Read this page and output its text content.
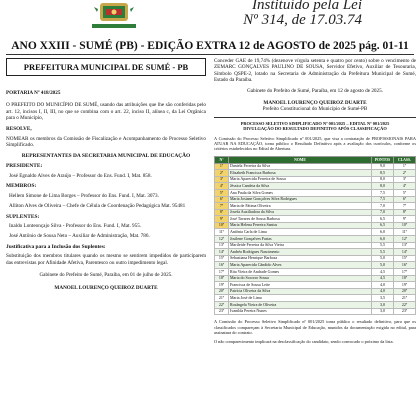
Instituído pela Lei
Nº 314, de 17.03.74
ANO XXIII - SUMÉ (PB) - EDIÇÃO EXTRA 12 de AGOSTO de 2025 pág. 01-11
PREFEITURA MUNICIPAL DE SUMÉ - PB
PORTARIA Nº 418/2025
O PREFEITO DO MUNICÍPIO DE SUMÉ, usando das atribuições que lhe são conferidas pelo art. 12, incisos I, II, III, no que se combina com o art. 22, inciso II, alínea c, da Lei Orgânica para o Município,
RESOLVE,
NOMEAR os membros da Comissão de Fiscalização e Acompanhamento do Processo Seletivo Simplificado.
REPRESENTANTES DA SECRETARIA MUNICIPAL DE EDUCAÇÃO
PRESIDENTE:
José Egnaldo Alves de Araújo – Professor do Ens. Fund. I, Mat. 858.
MEMBROS:
Hellem Simone de Lima Borges – Professor do Ens. Fund. I, Mat. 3073.
Alliton Alves de Oliveira – Chefe de Célula de Coordenação Pedagógica Mat. 95481
SUPLENTES:
Inaldo Lonteonçajo Silva - Professor do Ens. Fund. I, Mat. 955.
José Antônio de Sousa Neto – Auxiliar de Administração, Mat. 786.
Justificativa para a Inclusão dos Suplentes:
Substituição dos membros titulares quando os mesmo se sentirem impedidos de participarem das entrevistas por Afinidade Afetiva, Parentesco ou outro impedimento legal.
Gabinete do Prefeito de Sumé, Paraíba, em 01 de julho de 2025.
MANOEL LOURENÇO QUEIROZ DUARTE
Conceder GAE de 19,74% (dezenove vírgula setenta e quatro por cento) sobre o vencimento de ZEMARC GONÇALVES PAULINO DE SOUSA, Servidor Efetivo, Auxiliar de Tesouraria, Símbolo QSPE-2, lotado na Secretaria de Administração da Prefeitura Municipal de Sumé, Estado da Paraíba.
Gabinete do Prefeito de Sumé, Paraíba, em 12 de agosto de 2025.
MANOEL LOURENÇO QUEIROZ DUARTE
Prefeito Constitucional do Município de Sumé-PB
PROCESSO SELETIVO SIMPLIFICADO Nº 001/2025 – EDITAL Nº 001/2025
DIVULGAÇÃO DO RESULTADO DEFINITIVO APÓS CLASSIFICAÇÃO
A Comissão do Processo Seletivo Simplificado nº 001/2025, que visa a contratação de PROFISSIONAIS PARA ATUAR NA EDUCAÇÃO, torna público o Resultado Definitivo após a avaliação dos currículos, conforme os critérios estabelecidos no Edital de Abertura.
Nº	NOME	PONTOS	CLASS.
1º	Daniela Ferreira da Silva	9,0	1º
2º	Elizabeth Francisca Barbosa	8,5	2º
3º	Maria Aparecida Ferreira de Sousa	8,0	3º
4º	Jéssica Candeia da Silva	8,0	4º
5º	Ana Paula da Silva Gomes	7,5	5º
6º	Maria Josiane Gonçalves Silva Rodrigues	7,5	6º
7º	Maria de Fátima Oliveira	7,0	7º
8º	Josefa Auxiliadora da Silva	7,0	8º
9º	José Tavares de Sousa Barbosa	6,5	9º
10º	Maria Helena Ferreira Santos	6,5	10º
11º	Antônia Carla de Lima	6,0	11º
12º	Josilene Gonçalves Farias	6,0	12º
13º	Marileide Ferreira da Silva Vieira	5,5	13º
14º	Andréa Rodrigues Nascimento	5,5	14º
15º	Sebastiana Henrique Barbosa	5,0	15º
16º	Maria Aparecida Cândido Alves	5,0	16º
17º	Rita Vieira de Andrade Gomes	4,5	17º
18º	Maria do Socorro Sousa	4,5	18º
19º	Francisca de Sousa Leite	4,0	19º
20º	Patrícia Oliveira da Silva	4,0	20º
21º	Maria José de Lima	3,5	21º
22º	Rosângela Vieira de Oliveira	3,0	22º
23º	Ivanilda Pereira Nunes	3,0	23º
A Comissão do Processo Seletivo Simplificado nº 001/2025 torna público o resultado definitivo, para que os classificados compareçam à Secretaria Municipal de Educação, munidos da documentação exigida no edital, para assinatura do contrato.
O não comparecimento implicará na desclassificação do candidato, sendo convocado o próximo da lista.
